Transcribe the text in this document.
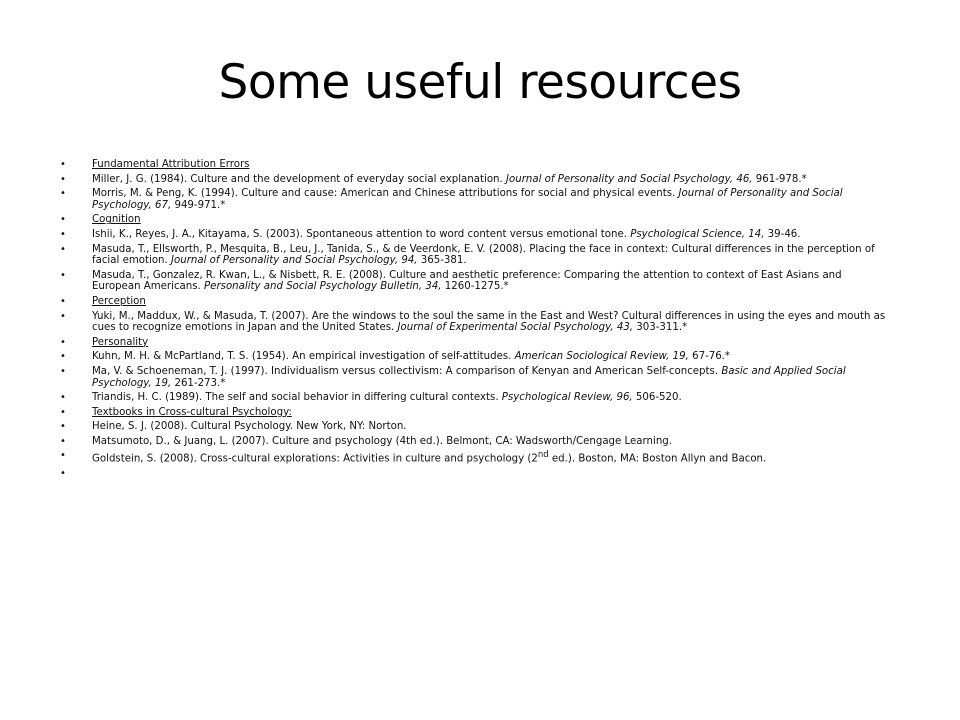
Some useful resources
•	Fundamental Attribution Errors
•	Miller, J. G. (1984). Culture and the development of everyday social explanation. Journal of Personality and Social Psychology, 46, 961-978.*
•	Morris, M. & Peng, K. (1994). Culture and cause: American and Chinese attributions for social and physical events. Journal of Personality and Social Psychology, 67, 949-971.*
•	Cognition
•	Ishii, K., Reyes, J. A., Kitayama, S. (2003). Spontaneous attention to word content versus emotional tone. Psychological Science, 14, 39-46.
•	Masuda, T., Ellsworth, P., Mesquita, B., Leu, J., Tanida, S., & de Veerdonk, E. V. (2008). Placing the face in context: Cultural differences in the perception of facial emotion. Journal of Personality and Social Psychology, 94, 365-381.
•	Masuda, T., Gonzalez, R. Kwan, L., & Nisbett, R. E. (2008). Culture and aesthetic preference: Comparing the attention to context of East Asians and European Americans. Personality and Social Psychology Bulletin, 34, 1260-1275.*
•	Perception
•	Yuki, M., Maddux, W., & Masuda, T. (2007). Are the windows to the soul the same in the East and West? Cultural differences in using the eyes and mouth as cues to recognize emotions in Japan and the United States. Journal of Experimental Social Psychology, 43, 303-311.*
•	Personality
•	Kuhn, M. H. & McPartland, T. S. (1954). An empirical investigation of self-attitudes. American Sociological Review, 19, 67-76.*
•	Ma, V. & Schoeneman, T. J. (1997). Individualism versus collectivism: A comparison of Kenyan and American Self-concepts. Basic and Applied Social Psychology, 19, 261-273.*
•	Triandis, H. C. (1989). The self and social behavior in differing cultural contexts. Psychological Review, 96, 506-520.
•	Textbooks in Cross-cultural Psychology:
•	Heine, S. J. (2008). Cultural Psychology. New York, NY: Norton.
•	Matsumoto, D., & Juang, L. (2007). Culture and psychology (4th ed.). Belmont, CA: Wadsworth/Cengage Learning.
•	Goldstein, S. (2008). Cross-cultural explorations: Activities in culture and psychology (2nd ed.). Boston, MA: Boston Allyn and Bacon.
•
